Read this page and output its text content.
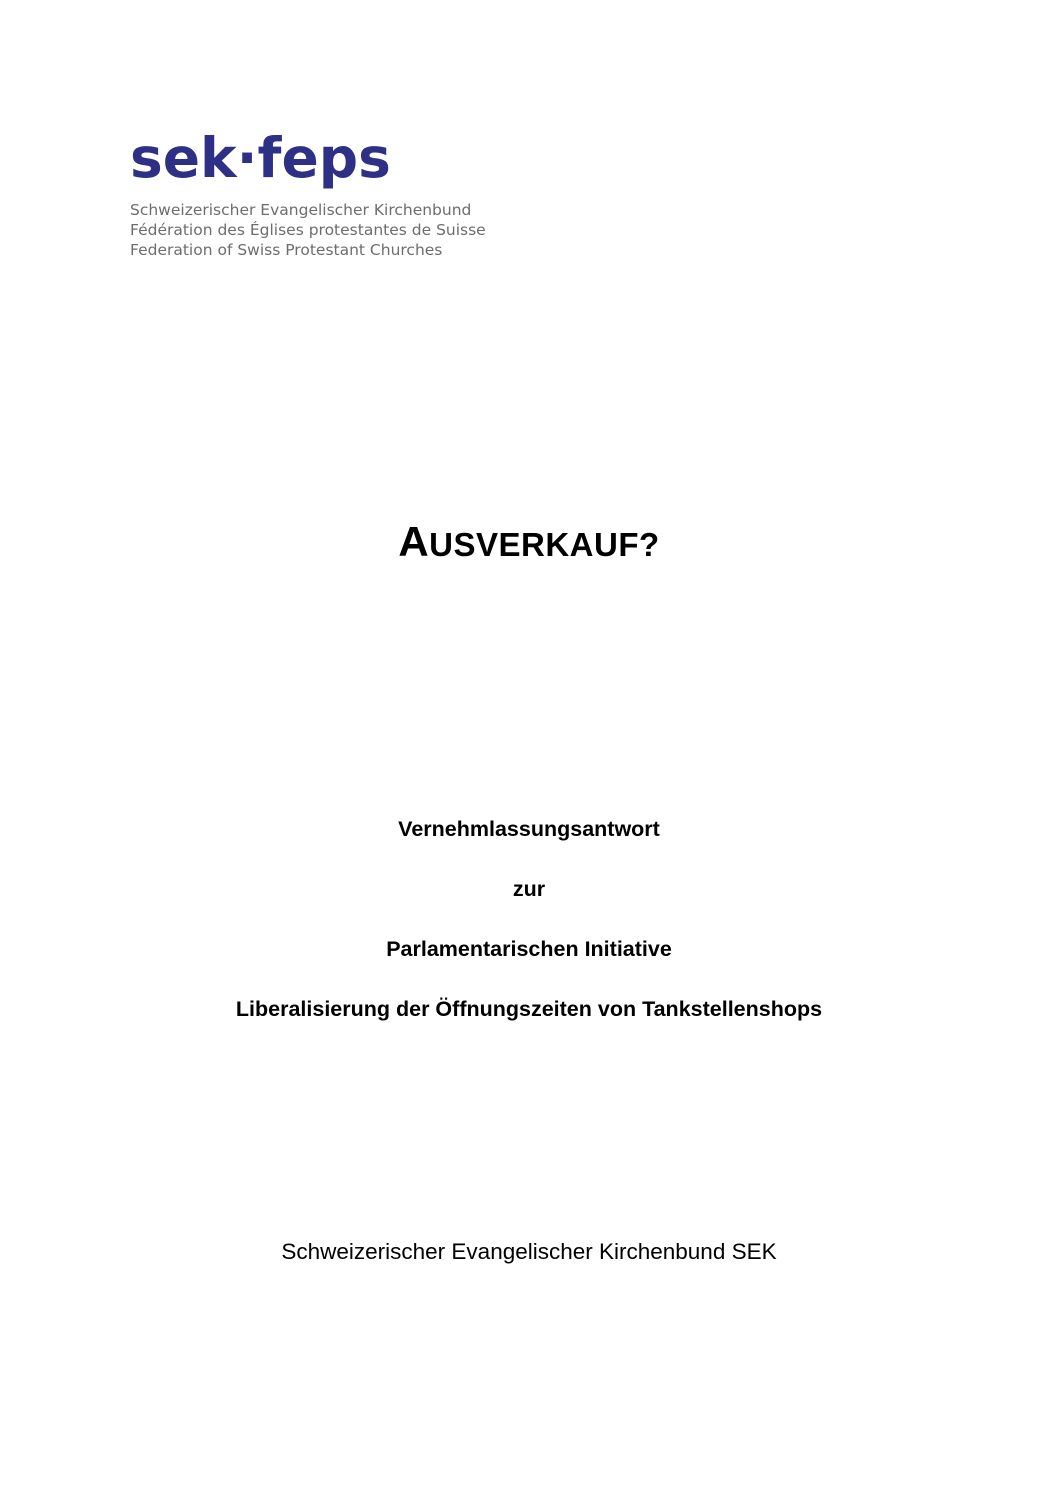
sek·feps

Schweizerischer Evangelischer Kirchenbund

Fédération des Églises protestantes de Suisse

Federation of Swiss Protestant Churches

AUSVERKAUF?

Vernehmlassungsantwort

zur

Parlamentarischen Initiative

Liberalisierung der Öffnungszeiten von Tankstellenshops

Schweizerischer Evangelischer Kirchenbund SEK
